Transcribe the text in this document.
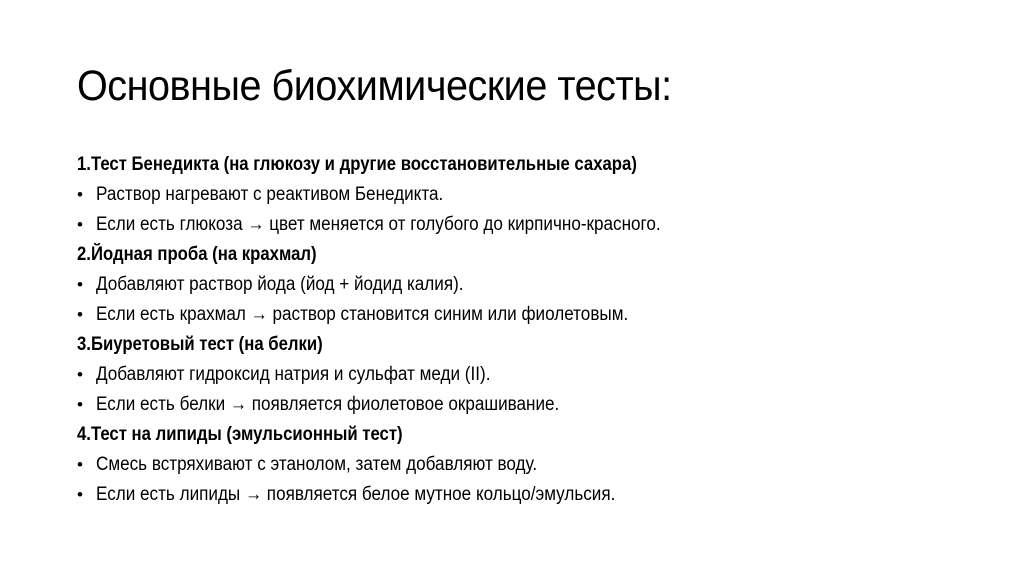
Основные биохимические тесты:
1.Тест Бенедикта (на глюкозу и другие восстановительные сахара)
• Раствор нагревают с реактивом Бенедикта.
• Если есть глюкоза → цвет меняется от голубого до кирпично-красного.
2.Йодная проба (на крахмал)
• Добавляют раствор йода (йод + йодид калия).
• Если есть крахмал → раствор становится синим или фиолетовым.
3.Биуретовый тест (на белки)
• Добавляют гидроксид натрия и сульфат меди (II).
• Если есть белки → появляется фиолетовое окрашивание.
4.Тест на липиды (эмульсионный тест)
• Смесь встряхивают с этанолом, затем добавляют воду.
• Если есть липиды → появляется белое мутное кольцо/эмульсия.
